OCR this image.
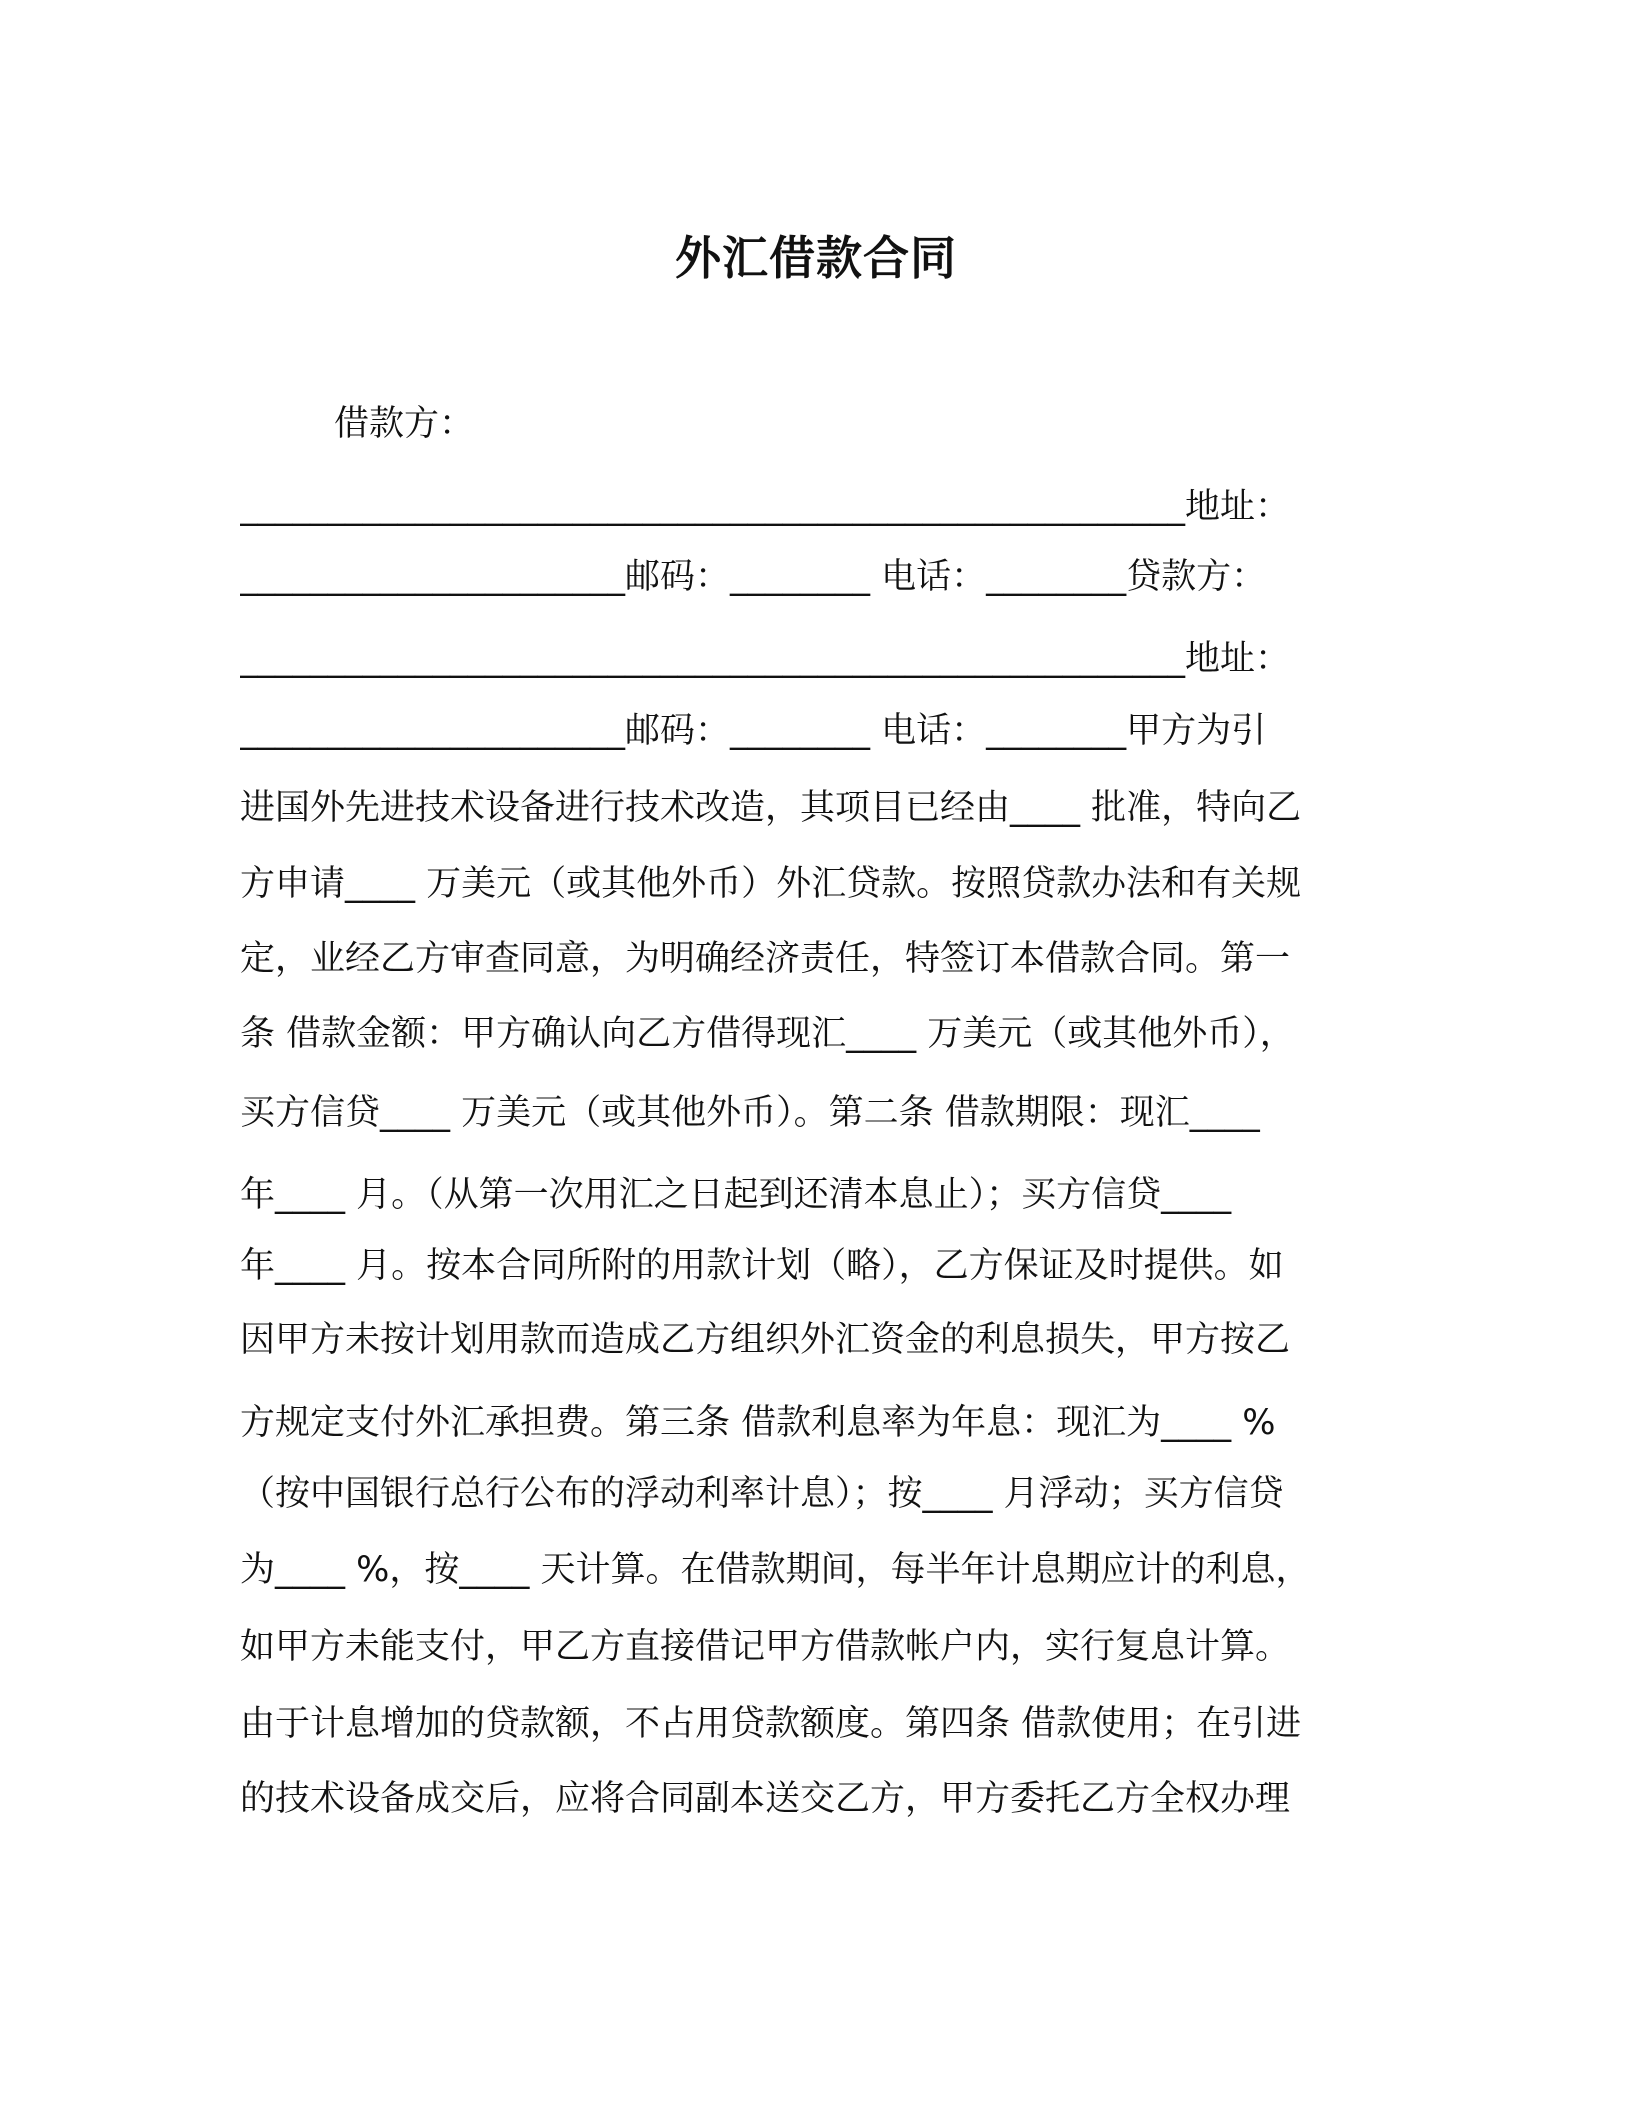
外汇借款合同
借款方：
______________________________________________________地址：
______________________邮码：________ 电话：________贷款方：
______________________________________________________地址：
______________________邮码：________ 电话：________甲方为引
进国外先进技术设备进行技术改造，其项目已经由____ 批准，特向乙
方申请____ 万美元（或其他外币）外汇贷款。按照贷款办法和有关规
定，业经乙方审查同意，为明确经济责任，特签订本借款合同。第一
条 借款金额：甲方确认向乙方借得现汇____ 万美元（或其他外币），
买方信贷____ 万美元（或其他外币）。第二条 借款期限：现汇____
年____ 月。（从第一次用汇之日起到还清本息止）；买方信贷____
年____ 月。按本合同所附的用款计划（略），乙方保证及时提供。如
因甲方未按计划用款而造成乙方组织外汇资金的利息损失，甲方按乙
方规定支付外汇承担费。第三条 借款利息率为年息：现汇为____ %
（按中国银行总行公布的浮动利率计息）；按____ 月浮动；买方信贷
为____ %，按____ 天计算。在借款期间，每半年计息期应计的利息，
如甲方未能支付，甲乙方直接借记甲方借款帐户内，实行复息计算。
由于计息增加的贷款额，不占用贷款额度。第四条 借款使用；在引进
的技术设备成交后，应将合同副本送交乙方，甲方委托乙方全权办理
